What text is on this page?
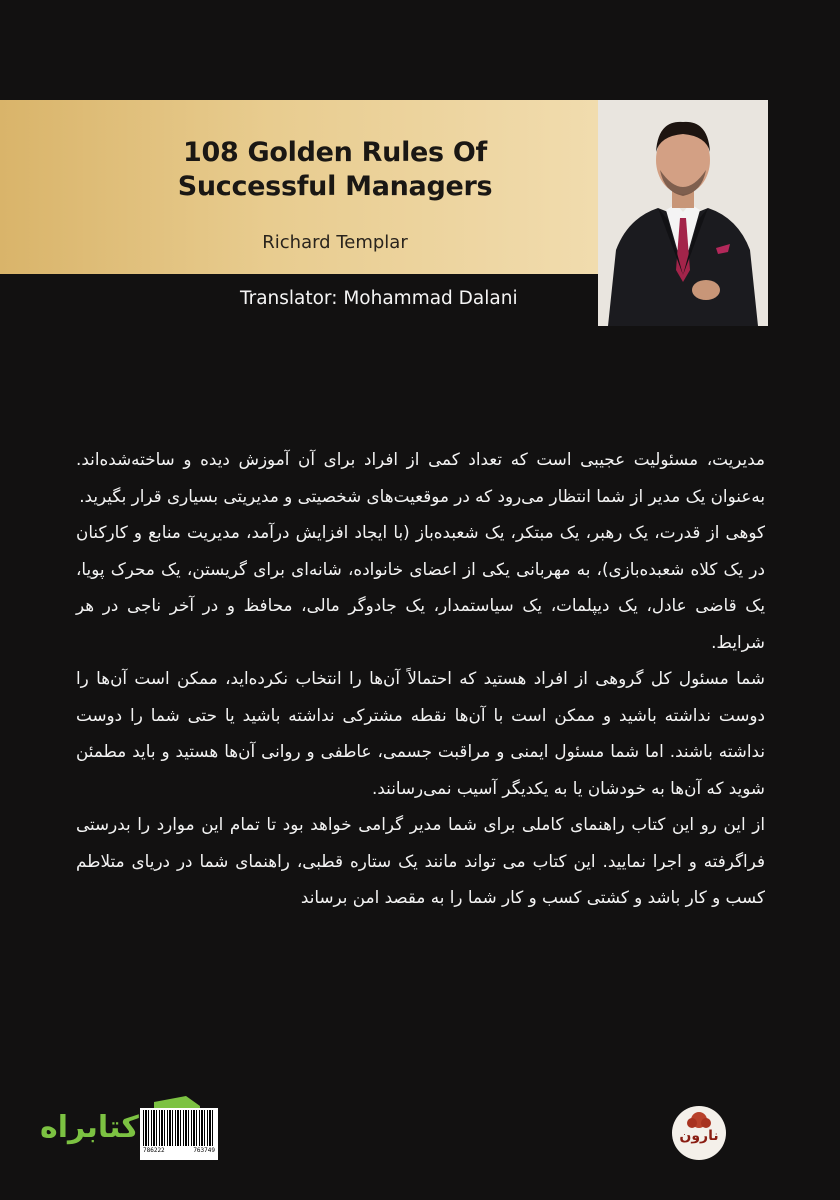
108 Golden Rules Of
Successful Managers
Richard Templar
Translator: Mohammad Dalani

مدیریت، مسئولیت عجیبی است که تعداد کمی از افراد برای آن آموزش دیده و ساخته‌شده‌اند. به‌عنوان یک مدیر از شما انتظار می‌رود که در موقعیت‌های شخصیتی و مدیریتی بسیاری قرار بگیرید.

کوهی از قدرت، یک رهبر، یک مبتکر، یک شعبده‌باز (با ایجاد افزایش درآمد، مدیریت منابع و کارکنان در یک کلاه شعبده‌بازی)، به مهربانی یکی از اعضای خانواده، شانه‌ای برای گریستن، یک محرک پویا، یک قاضی عادل، یک دیپلمات، یک سیاستمدار، یک جادوگر مالی، محافظ و در آخر ناجی در هر شرایط.

شما مسئول کل گروهی از افراد هستید که احتمالاً آن‌ها را انتخاب نکرده‌اید، ممکن است آن‌ها را دوست نداشته باشید و ممکن است با آن‌ها نقطه مشترکی نداشته باشید یا حتی شما را دوست نداشته باشند. اما شما مسئول ایمنی و مراقبت جسمی، عاطفی و روانی آن‌ها هستید و باید مطمئن شوید که آن‌ها به خودشان یا به یکدیگر آسیب نمی‌رسانند.

از این رو این کتاب راهنمای کاملی برای شما مدیر گرامی خواهد بود تا تمام این موارد را بدرستی فراگرفته و اجرا نمایید. این کتاب می تواند مانند یک ستاره قطبی، راهنمای شما در دریای متلاطم کسب و کار باشد و کشتی کسب و کار شما را به مقصد امن برساند

کتابراه
786222	763749
نارون
